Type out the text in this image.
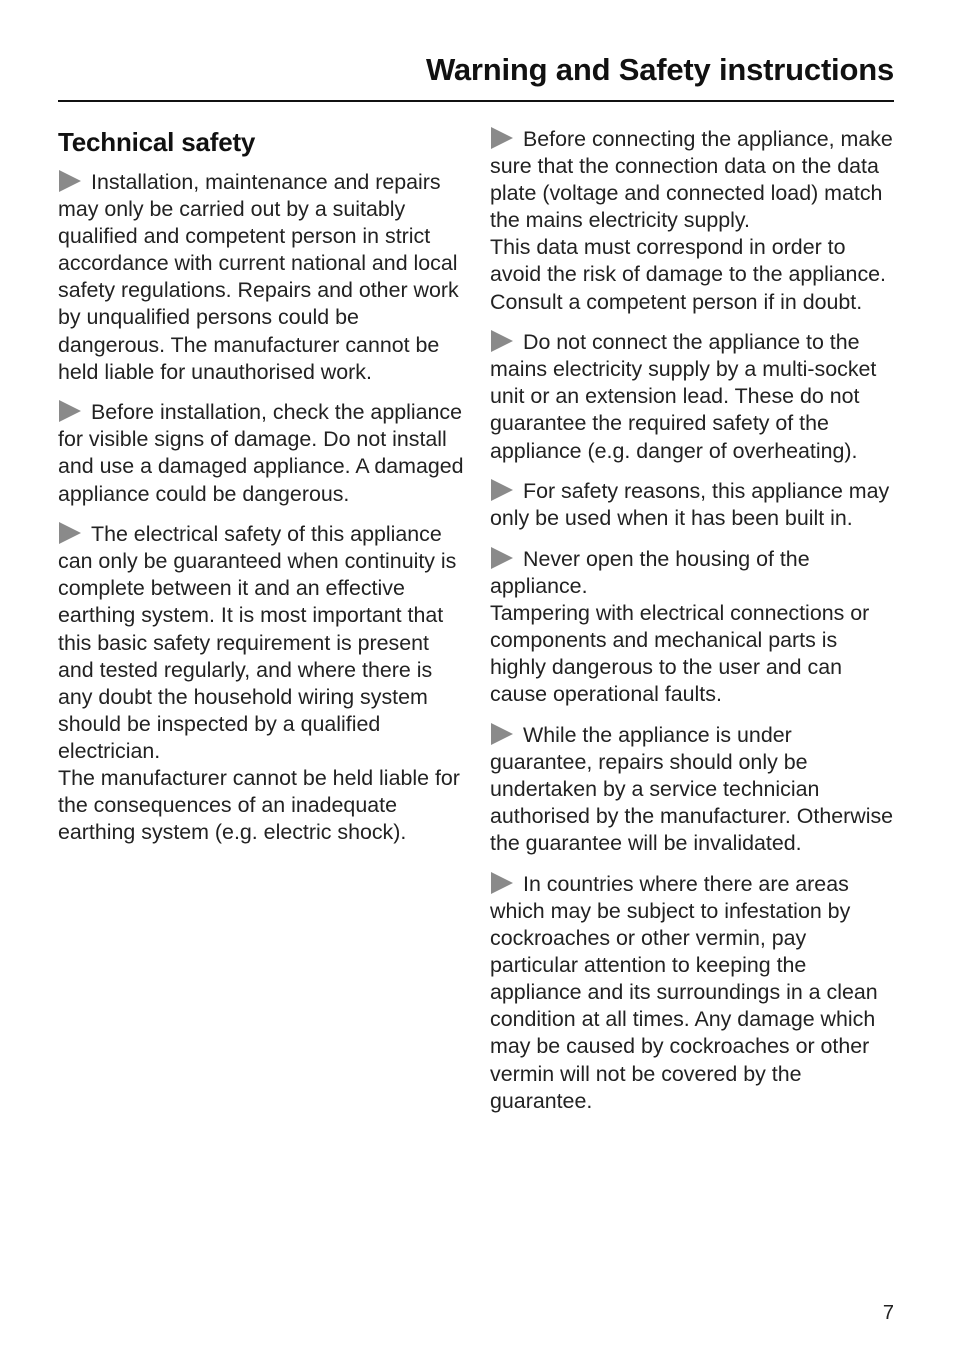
Warning and Safety instructions
Technical safety

Installation, maintenance and repairs may only be carried out by a suitably qualified and competent person in strict accordance with current national and local safety regulations. Repairs and other work by unqualified persons could be dangerous. The manufacturer cannot be held liable for unauthorised work.

Before installation, check the appliance for visible signs of damage. Do not install and use a damaged appliance. A damaged appliance could be dangerous.

The electrical safety of this appliance can only be guaranteed when continuity is complete between it and an effective earthing system. It is most important that this basic safety requirement is present and tested regularly, and where there is any doubt the household wiring system should be inspected by a qualified electrician.
The manufacturer cannot be held liable for the consequences of an inadequate earthing system (e.g. electric shock).

Before connecting the appliance, make sure that the connection data on the data plate (voltage and connected load) match the mains electricity supply.
This data must correspond in order to avoid the risk of damage to the appliance. Consult a competent person if in doubt.

Do not connect the appliance to the mains electricity supply by a multi-socket unit or an extension lead. These do not guarantee the required safety of the appliance (e.g. danger of overheating).

For safety reasons, this appliance may only be used when it has been built in.

Never open the housing of the appliance.
Tampering with electrical connections or components and mechanical parts is highly dangerous to the user and can cause operational faults.

While the appliance is under guarantee, repairs should only be undertaken by a service technician authorised by the manufacturer. Otherwise the guarantee will be invalidated.

In countries where there are areas which may be subject to infestation by cockroaches or other vermin, pay particular attention to keeping the appliance and its surroundings in a clean condition at all times. Any damage which may be caused by cockroaches or other vermin will not be covered by the guarantee.

7
